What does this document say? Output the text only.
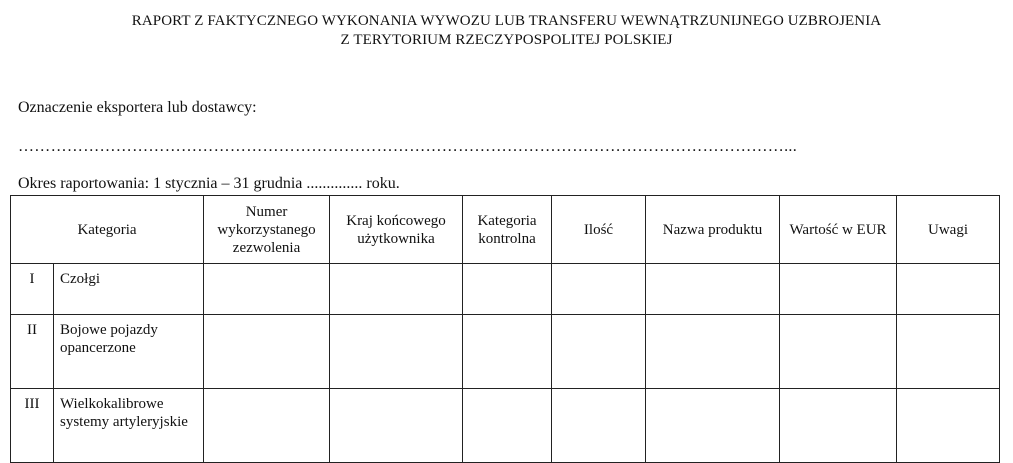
RAPORT Z FAKTYCZNEGO WYKONANIA WYWOZU LUB TRANSFERU WEWNĄTRZUNIJNEGO UZBROJENIA
Z TERYTORIUM RZECZYPOSPOLITEJ POLSKIEJ
Oznaczenie eksportera lub dostawcy:
……………………………………………………………………………………………………………………………...
Okres raportowania: 1 stycznia – 31 grudnia .............. roku.
Kategoria		Numer wykorzystanego zezwolenia	Kraj końcowego użytkownika	Kategoria kontrolna	Ilość	Nazwa produktu	Wartość w EUR	Uwagi
I	Czołgi							
II	Bojowe pojazdy opancerzone							
III	Wielkokalibrowe systemy artyleryjskie							
